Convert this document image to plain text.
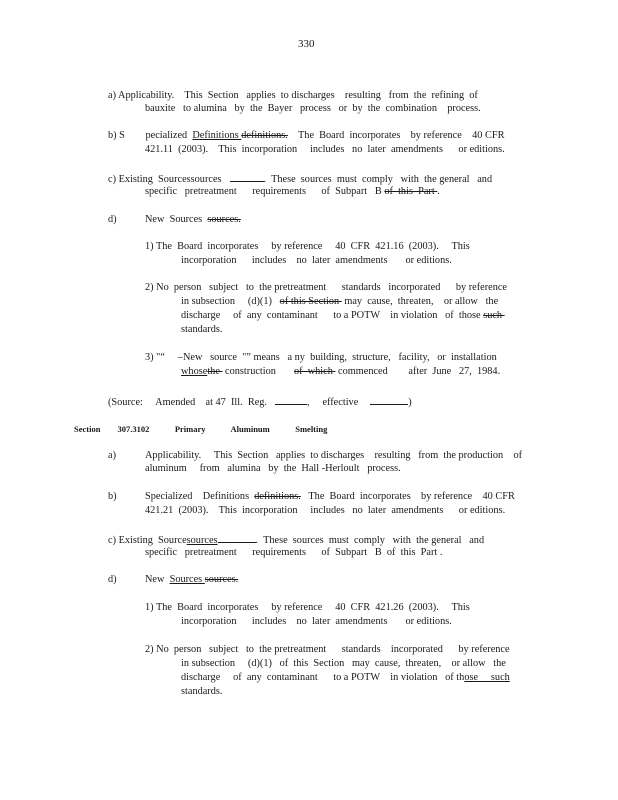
330
a) Applicability.    This  Section   applies  to discharges    resulting   from  the  refining  of
bauxite   to alumina   by  the  Bayer   process   or  by  the  combination    process.
b) S        pecialized  Definitions definitions.    The  Board  incorporates    by reference    40 CFR
421.11  (2003).    This  incorporation     includes   no  later  amendments      or editions.
c) Existing  Sourcessources	.  These  sources  must  comply   with  the general   and
specific   pretreatment      requirements      of  Subpart   B of  this  Part .
d)	New  Sources  sources.
1) The  Board  incorporates     by reference     40  CFR  421.16  (2003).     This
incorporation      includes    no  later  amendments       or editions.
2) No  person   subject   to  the pretreatment      standards   incorporated      by reference
in subsection     (d)(1)   of this Section  may  cause,  threaten,    or allow   the
discharge     of  any  contaminant      to a POTW    in violation   of  those such
standards.
3) "“     –New   source  "” means   a ny  building,  structure,   facility,   or  installation
whosethe  construction       of  which  commenced        after  June   27,  1984.
(Source:     Amended    at 47  Ill.  Reg.	,     effective	)
Section        307.3102            Primary            Aluminum            Smelting
a)	Applicability.     This  Section   applies  to discharges    resulting   from  the production    of
aluminum     from   alumina   by  the  Hall -Herloult   process.
b)	Specialized    Definitions  definitions.   The  Board  incorporates    by reference    40 CFR
421.21  (2003).    This  incorporation     includes   no  later  amendments      or editions.
c) Existing  Sourcesources	.  These  sources  must  comply   with  the general   and
specific   pretreatment      requirements      of  Subpart   B  of  this  Part .
d)	New  Sources sources.
1) The  Board  incorporates     by reference     40  CFR  421.26  (2003).     This
incorporation      includes    no  later  amendments       or editions.
2) No  person   subject   to  the pretreatment      standards    incorporated      by reference
in subsection     (d)(1)   of  this  Section   may  cause,  threaten,    or allow   the
discharge     of  any  contaminant      to a POTW    in violation   of those such
standards.
